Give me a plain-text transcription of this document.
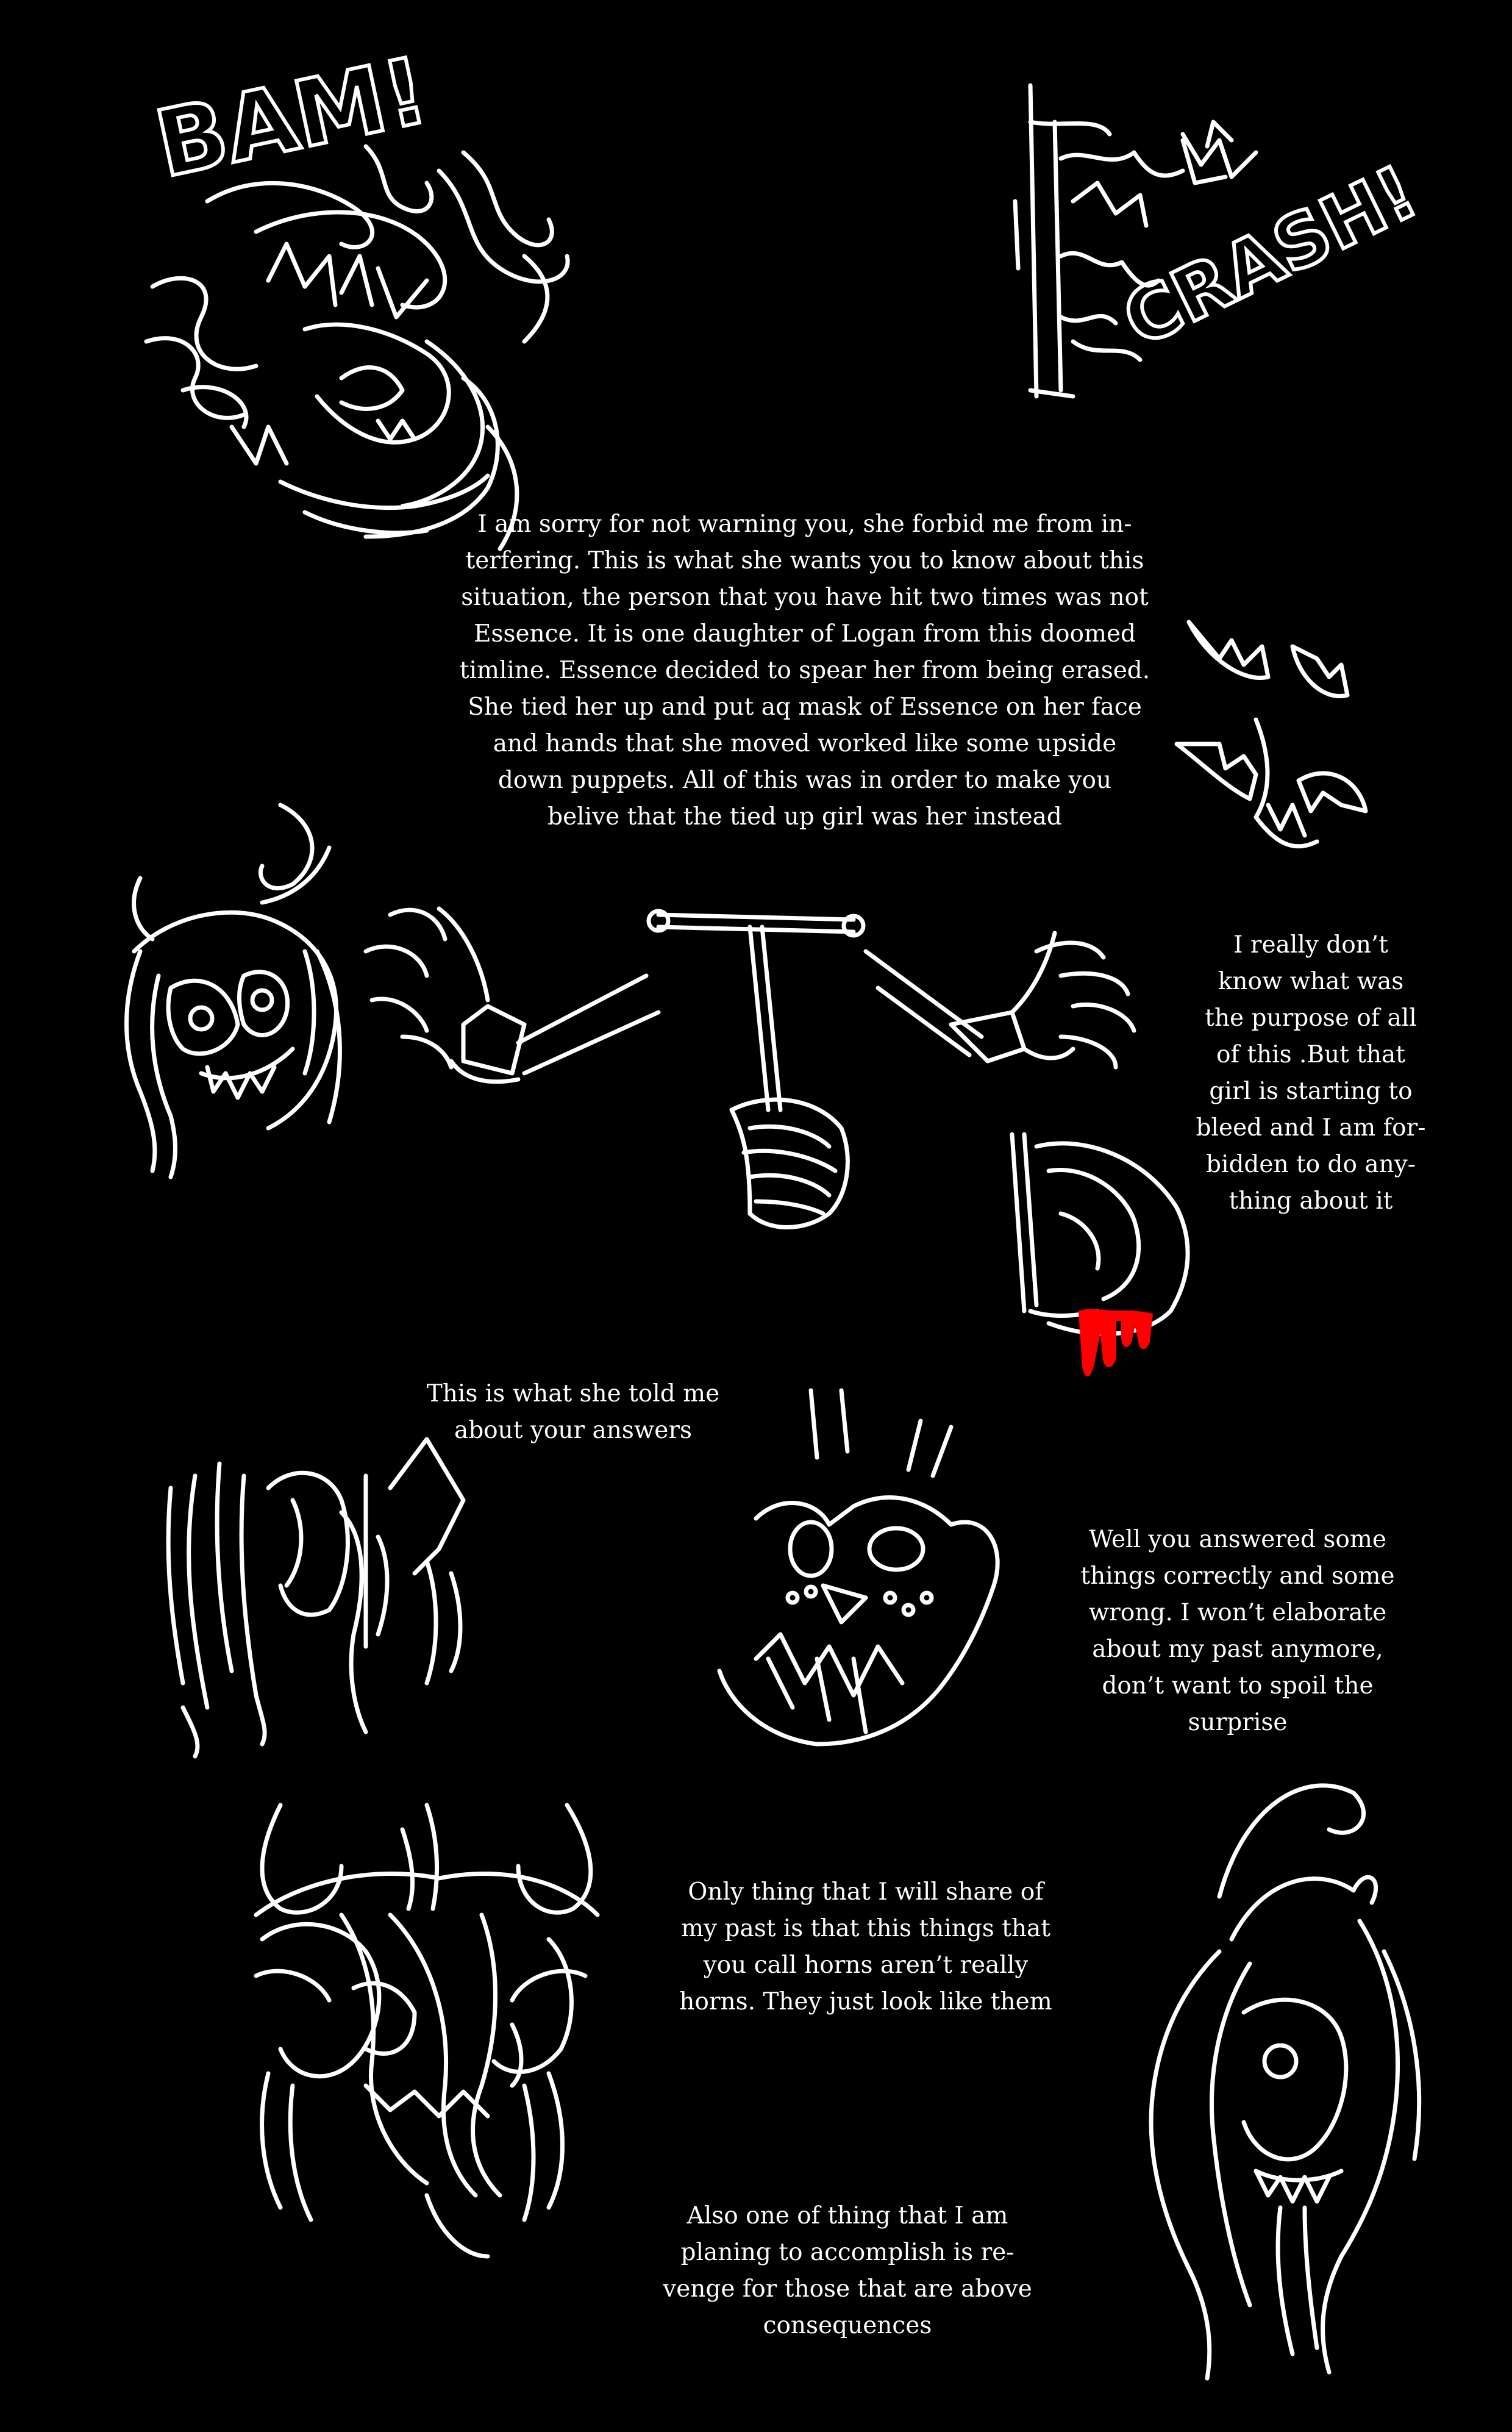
BAM!
CRASH!
I am sorry for not warning you, she forbid me from in-
terfering. This is what she wants you to know about this
situation, the person that you have hit two times was not
Essence. It is one daughter of Logan from this doomed
timline. Essence decided to spear her from being erased.
She tied her up and put aq mask of Essence on her face
and hands that she moved worked like some upside
down puppets. All of this was in order to make you
belive that the tied up girl was her instead
I really don’t
know what was
the purpose of all
of this .But that
girl is starting to
bleed and I am for-
bidden to do any-
thing about it
This is what she told me
about your answers
Well you answered some
things correctly and some
wrong. I won’t elaborate
about my past anymore,
don’t want to spoil the
surprise
Only thing that I will share of
my past is that this things that
you call horns aren’t really
horns. They just look like them
Also one of thing that I am
planing to accomplish is re-
venge for those that are above
consequences
